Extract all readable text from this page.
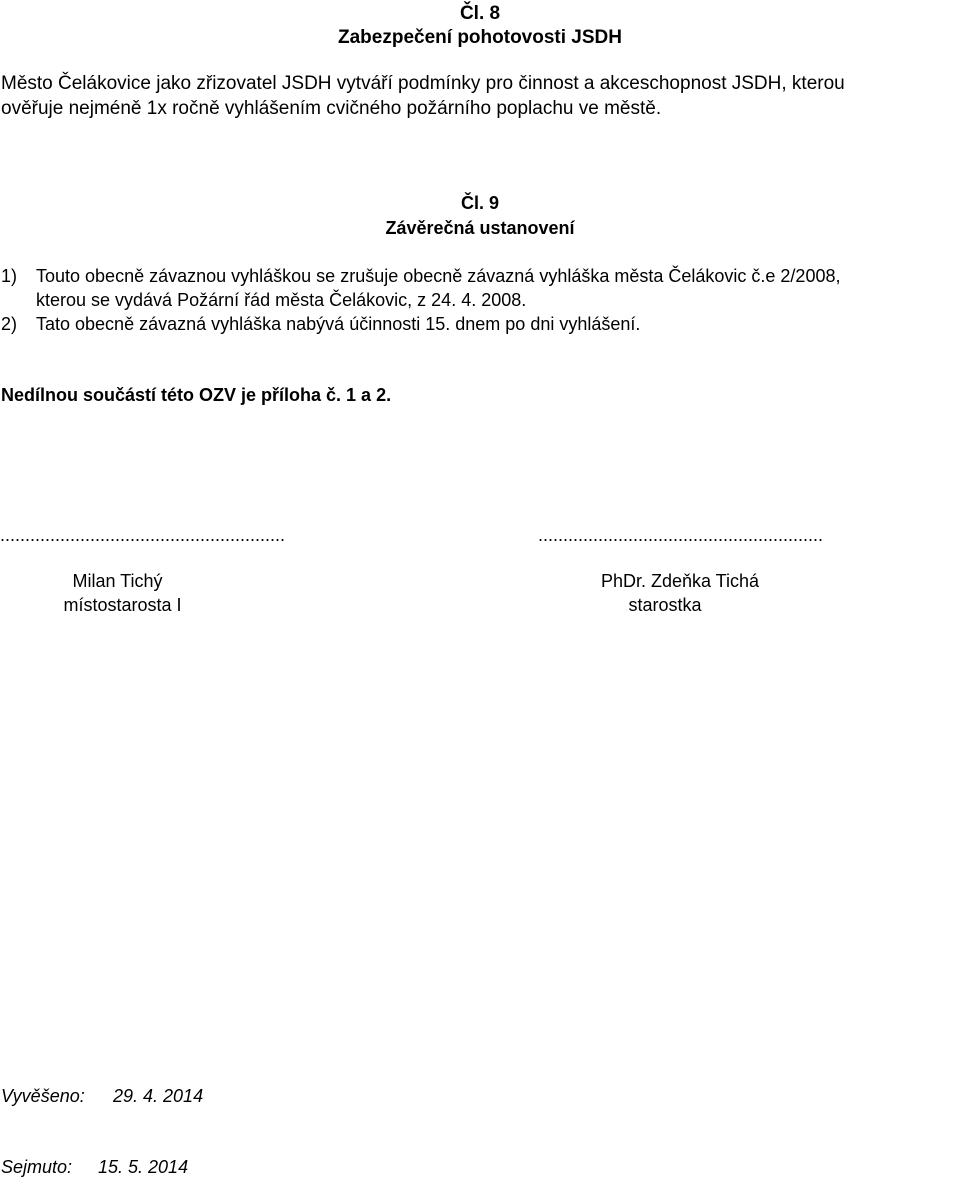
Čl. 8
Zabezpečení pohotovosti JSDH
Město Čelákovice jako zřizovatel JSDH vytváří podmínky pro činnost a akceschopnost JSDH, kterou
ověřuje nejméně 1x ročně vyhlášením cvičného požárního poplachu ve městě.
Čl. 9
Závěrečná ustanovení
1) Touto obecně závaznou vyhláškou se zrušuje obecně závazná vyhláška města Čelákovic č.e 2/2008,
kterou se vydává Požární řád města Čelákovic, z 24. 4. 2008.
2) Tato obecně závazná vyhláška nabývá účinnosti 15. dnem po dni vyhlášení.
Nedílnou součástí této OZV je příloha č. 1 a 2.
.........................................................	.........................................................
Milan Tichý
místostarosta I
PhDr. Zdeňka Tichá
starostka
Vyvěšeno: 29. 4. 2014
Sejmuto: 15. 5. 2014
